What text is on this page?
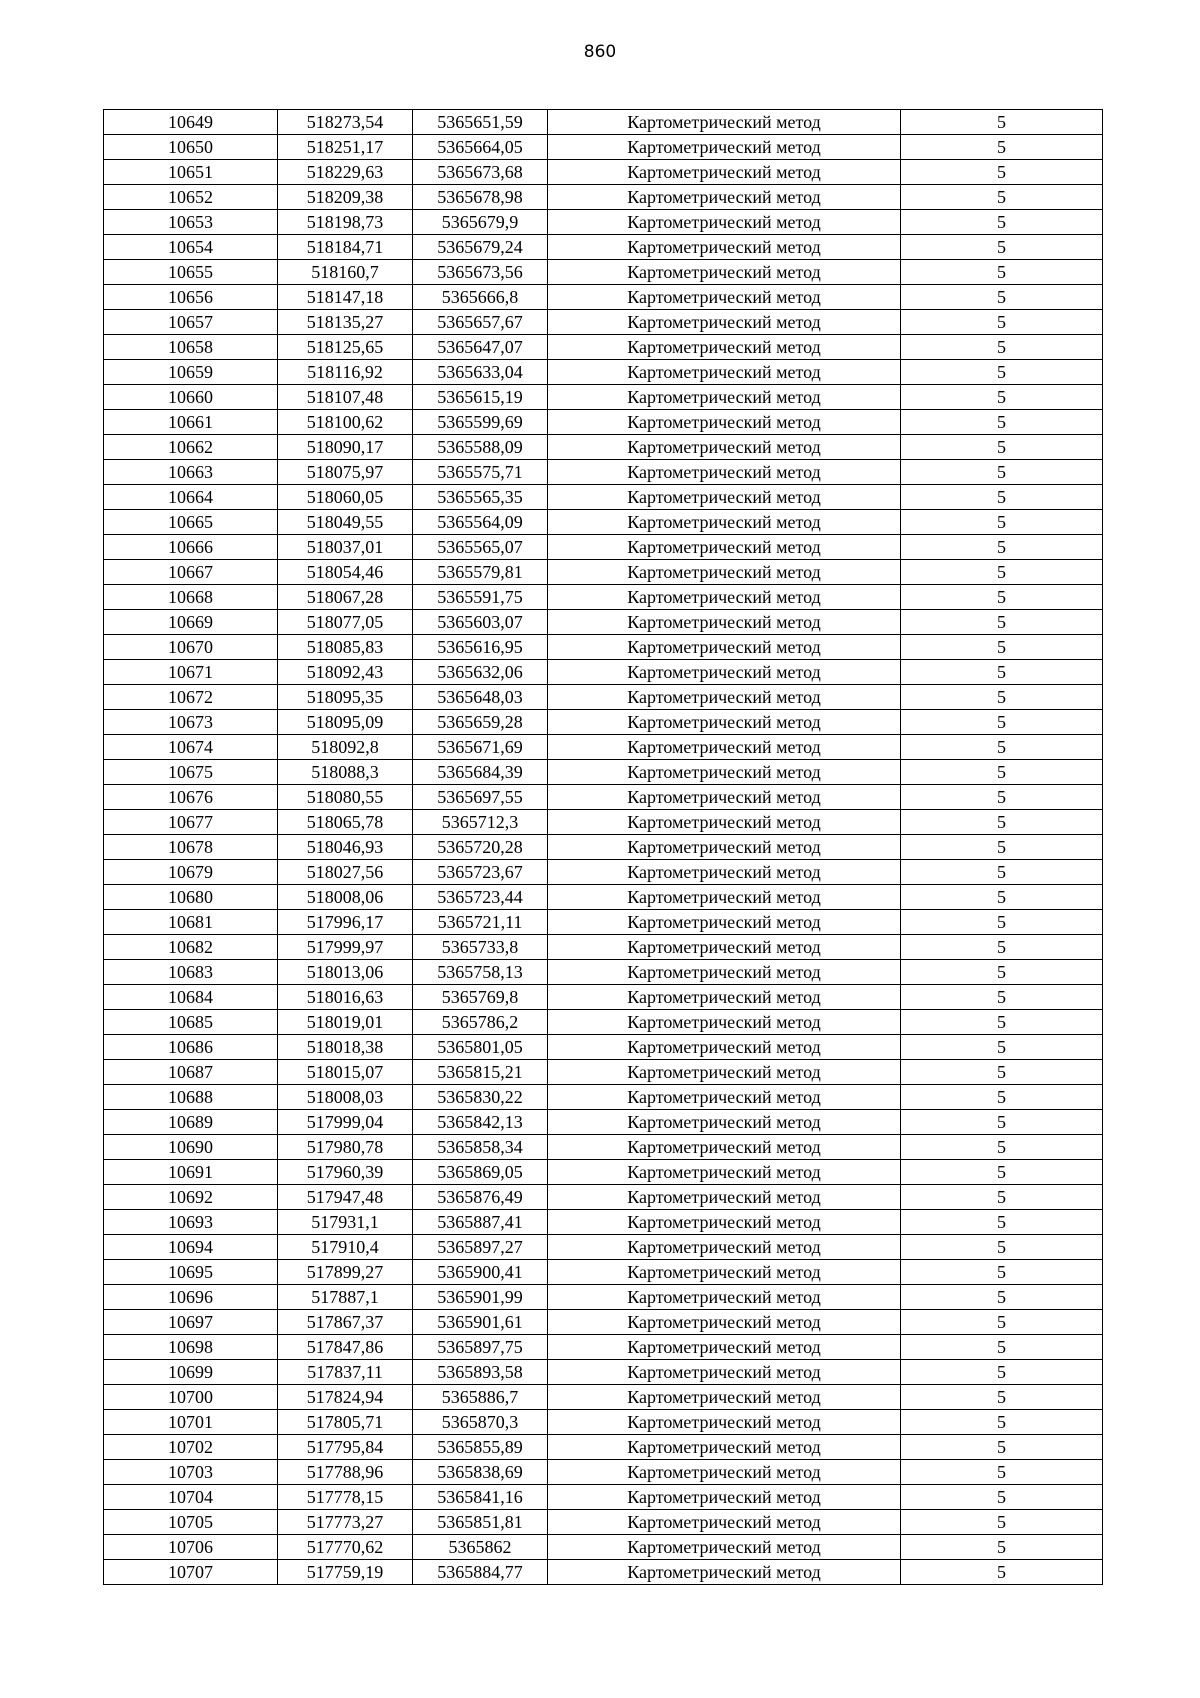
860
10649	518273,54	5365651,59	Картометрический метод	5
10650	518251,17	5365664,05	Картометрический метод	5
10651	518229,63	5365673,68	Картометрический метод	5
10652	518209,38	5365678,98	Картометрический метод	5
10653	518198,73	5365679,9	Картометрический метод	5
10654	518184,71	5365679,24	Картометрический метод	5
10655	518160,7	5365673,56	Картометрический метод	5
10656	518147,18	5365666,8	Картометрический метод	5
10657	518135,27	5365657,67	Картометрический метод	5
10658	518125,65	5365647,07	Картометрический метод	5
10659	518116,92	5365633,04	Картометрический метод	5
10660	518107,48	5365615,19	Картометрический метод	5
10661	518100,62	5365599,69	Картометрический метод	5
10662	518090,17	5365588,09	Картометрический метод	5
10663	518075,97	5365575,71	Картометрический метод	5
10664	518060,05	5365565,35	Картометрический метод	5
10665	518049,55	5365564,09	Картометрический метод	5
10666	518037,01	5365565,07	Картометрический метод	5
10667	518054,46	5365579,81	Картометрический метод	5
10668	518067,28	5365591,75	Картометрический метод	5
10669	518077,05	5365603,07	Картометрический метод	5
10670	518085,83	5365616,95	Картометрический метод	5
10671	518092,43	5365632,06	Картометрический метод	5
10672	518095,35	5365648,03	Картометрический метод	5
10673	518095,09	5365659,28	Картометрический метод	5
10674	518092,8	5365671,69	Картометрический метод	5
10675	518088,3	5365684,39	Картометрический метод	5
10676	518080,55	5365697,55	Картометрический метод	5
10677	518065,78	5365712,3	Картометрический метод	5
10678	518046,93	5365720,28	Картометрический метод	5
10679	518027,56	5365723,67	Картометрический метод	5
10680	518008,06	5365723,44	Картометрический метод	5
10681	517996,17	5365721,11	Картометрический метод	5
10682	517999,97	5365733,8	Картометрический метод	5
10683	518013,06	5365758,13	Картометрический метод	5
10684	518016,63	5365769,8	Картометрический метод	5
10685	518019,01	5365786,2	Картометрический метод	5
10686	518018,38	5365801,05	Картометрический метод	5
10687	518015,07	5365815,21	Картометрический метод	5
10688	518008,03	5365830,22	Картометрический метод	5
10689	517999,04	5365842,13	Картометрический метод	5
10690	517980,78	5365858,34	Картометрический метод	5
10691	517960,39	5365869,05	Картометрический метод	5
10692	517947,48	5365876,49	Картометрический метод	5
10693	517931,1	5365887,41	Картометрический метод	5
10694	517910,4	5365897,27	Картометрический метод	5
10695	517899,27	5365900,41	Картометрический метод	5
10696	517887,1	5365901,99	Картометрический метод	5
10697	517867,37	5365901,61	Картометрический метод	5
10698	517847,86	5365897,75	Картометрический метод	5
10699	517837,11	5365893,58	Картометрический метод	5
10700	517824,94	5365886,7	Картометрический метод	5
10701	517805,71	5365870,3	Картометрический метод	5
10702	517795,84	5365855,89	Картометрический метод	5
10703	517788,96	5365838,69	Картометрический метод	5
10704	517778,15	5365841,16	Картометрический метод	5
10705	517773,27	5365851,81	Картометрический метод	5
10706	517770,62	5365862	Картометрический метод	5
10707	517759,19	5365884,77	Картометрический метод	5
